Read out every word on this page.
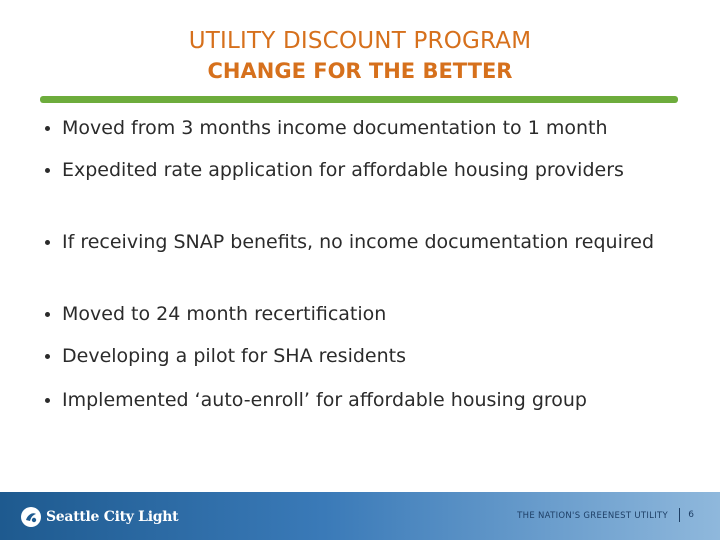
UTILITY DISCOUNT PROGRAM
CHANGE FOR THE BETTER
Moved from 3 months income documentation to 1 month
Expedited rate application for affordable housing providers
If receiving SNAP benefits, no income documentation required
Moved to 24 month recertification
Developing a pilot for SHA residents
Implemented ‘auto-enroll’ for affordable housing group
Seattle City Light	THE NATION'S GREENEST UTILITY 6
